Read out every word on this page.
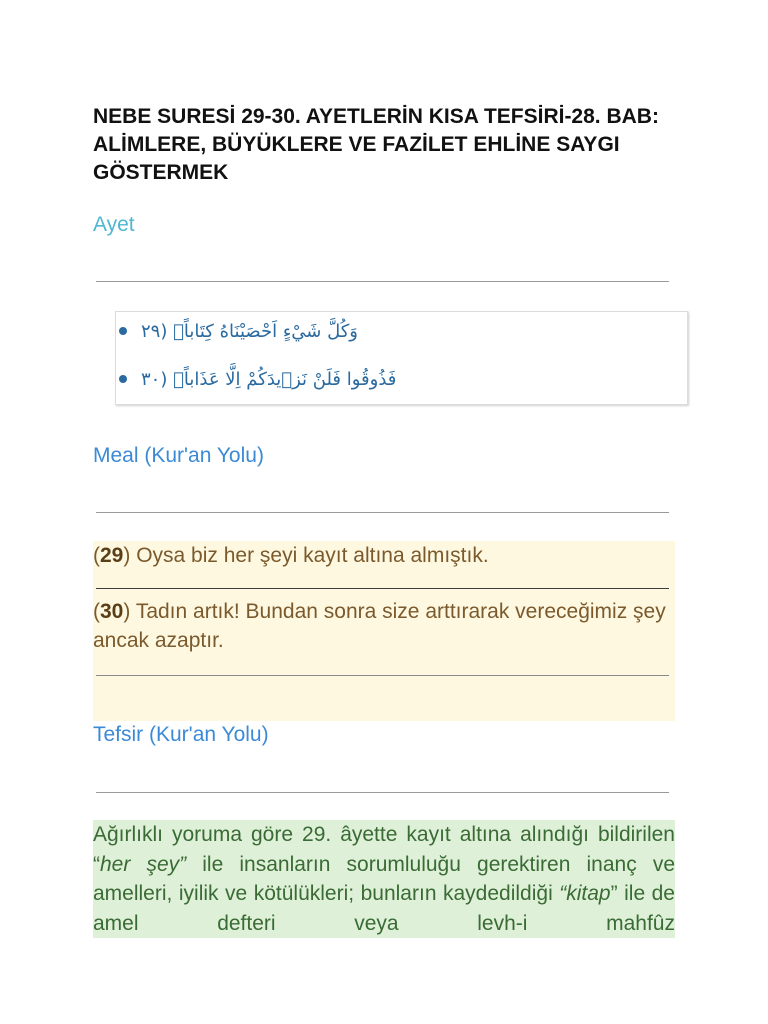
NEBE SURESİ 29-30. AYETLERİN KISA TEFSİRİ-28. BAB: ALİMLERE, BÜYÜKLERE VE FAZİLET EHLİNE SAYGI GÖSTERMEK
Ayet
وَكُلَّ شَيْءٍ اَحْصَيْنَاهُ كِتَاباًۙ (٢٩
فَذُوقُوا فَلَنْ نَز۪يدَكُمْ اِلَّا عَذَاباً۟ (٣٠
Meal (Kur'an Yolu)
(29) Oysa biz her şeyi kayıt altına almıştık.
(30) Tadın artık! Bundan sonra size arttırarak vereceğimiz şey ancak azaptır.
Tefsir (Kur'an Yolu)
Ağırlıklı yoruma göre 29. âyette kayıt altına alındığı bildirilen “her şey” ile insanların sorumluluğu gerektiren inanç ve amelleri, iyilik ve kötülükleri; bunların kaydedildiği “kitap” ile de amel defteri veya levh-i mahfûz
